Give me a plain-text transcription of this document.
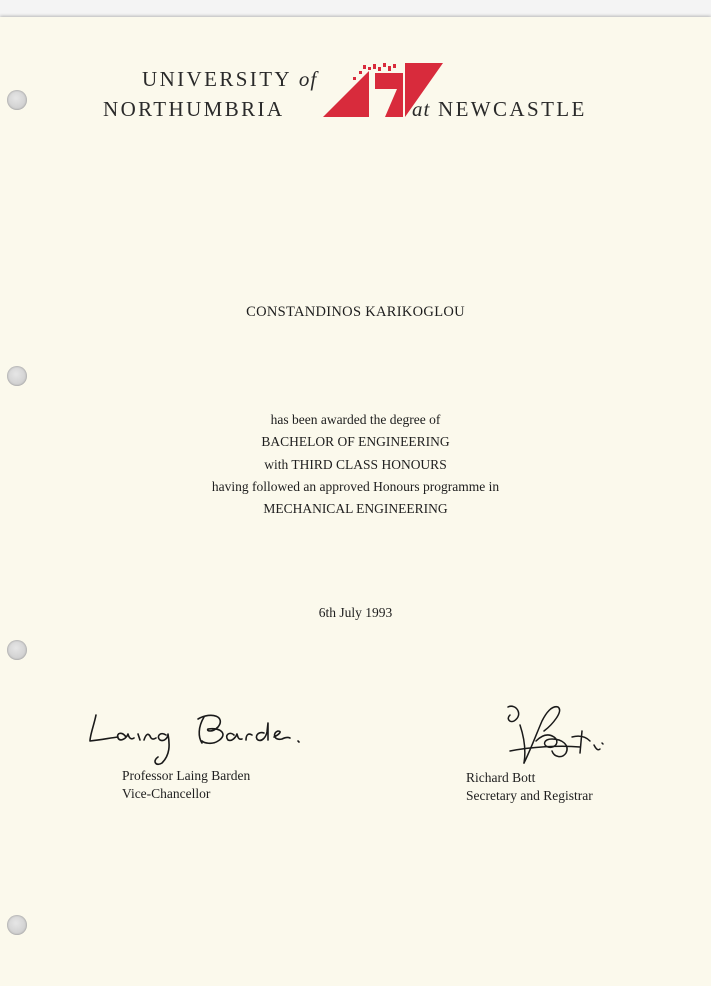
UNIVERSITY of
NORTHUMBRIA	at NEWCASTLE
CONSTANDINOS KARIKOGLOU
has been awarded the degree of
BACHELOR OF ENGINEERING
with THIRD CLASS HONOURS
having followed an approved Honours programme in
MECHANICAL ENGINEERING
6th July 1993
Professor Laing Barden
Vice-Chancellor
Richard Bott
Secretary and Registrar
